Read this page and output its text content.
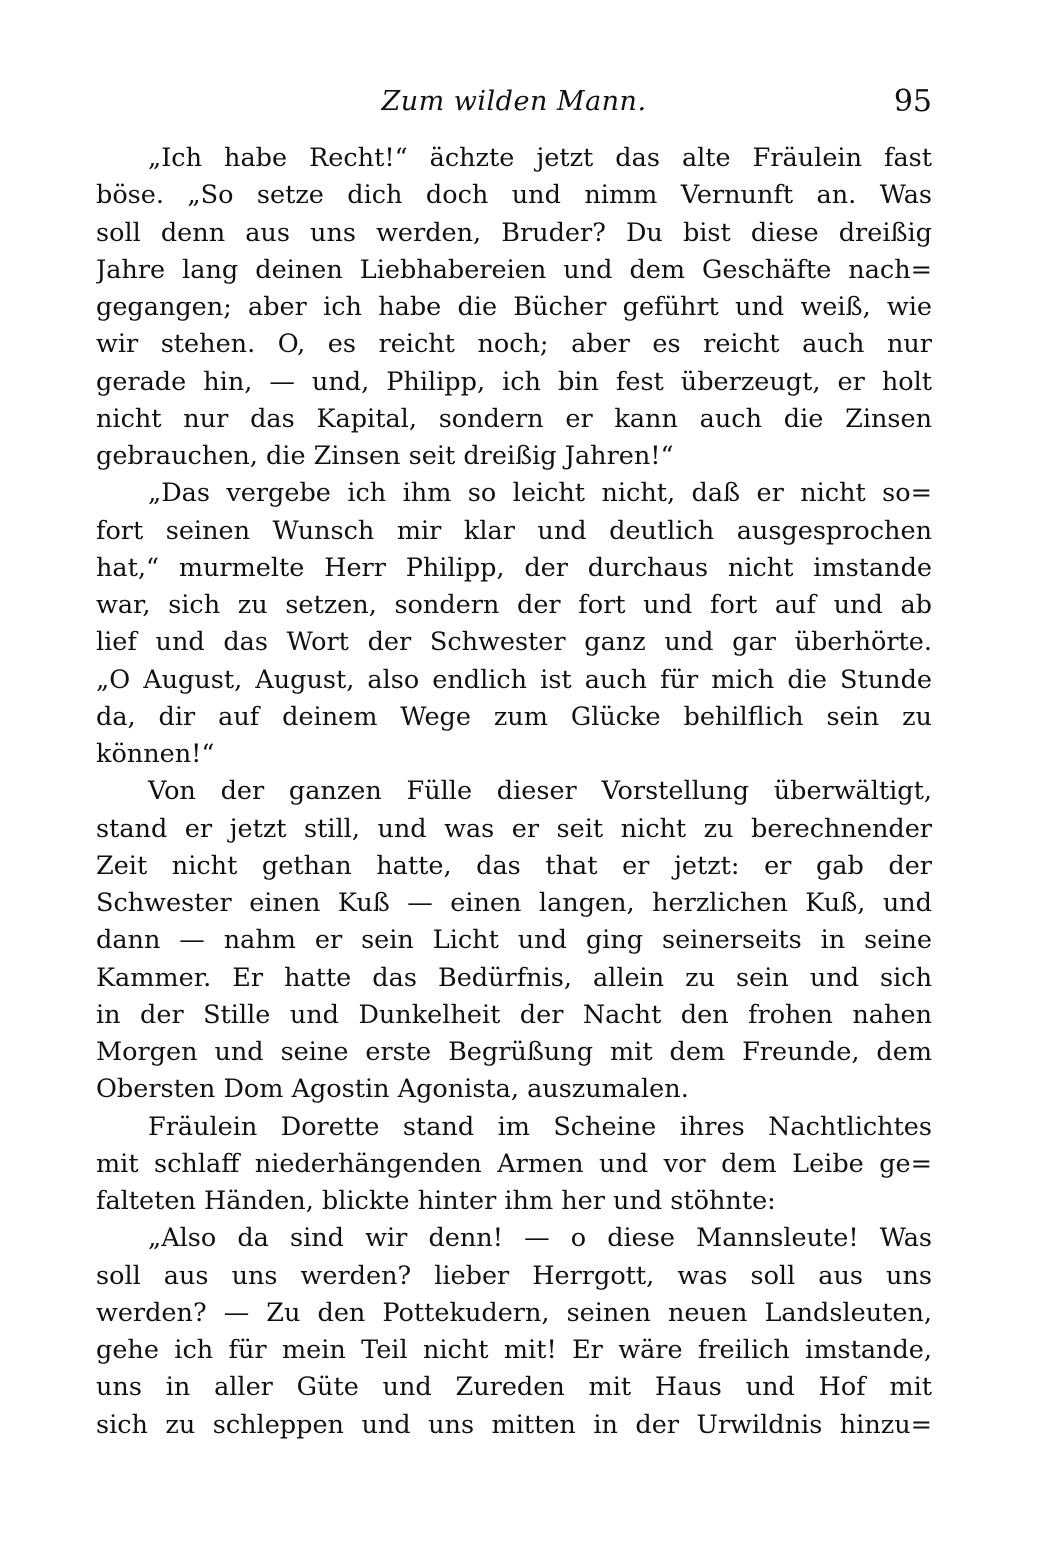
Zum wilden Mann.	95
„Ich habe Recht!“ ächzte jetzt das alte Fräulein fast
böse. „So setze dich doch und nimm Vernunft an. Was
soll denn aus uns werden, Bruder? Du bist diese dreißig
Jahre lang deinen Liebhabereien und dem Geschäfte nach=
gegangen; aber ich habe die Bücher geführt und weiß, wie
wir stehen. O, es reicht noch; aber es reicht auch nur
gerade hin, — und, Philipp, ich bin fest überzeugt, er holt
nicht nur das Kapital, sondern er kann auch die Zinsen
gebrauchen, die Zinsen seit dreißig Jahren!“
„Das vergebe ich ihm so leicht nicht, daß er nicht so=
fort seinen Wunsch mir klar und deutlich ausgesprochen
hat,“ murmelte Herr Philipp, der durchaus nicht imstande
war, sich zu setzen, sondern der fort und fort auf und ab
lief und das Wort der Schwester ganz und gar überhörte.
„O August, August, also endlich ist auch für mich die Stunde
da, dir auf deinem Wege zum Glücke behilflich sein zu
können!“
Von der ganzen Fülle dieser Vorstellung überwältigt,
stand er jetzt still, und was er seit nicht zu berechnender
Zeit nicht gethan hatte, das that er jetzt: er gab der
Schwester einen Kuß — einen langen, herzlichen Kuß, und
dann — nahm er sein Licht und ging seinerseits in seine
Kammer. Er hatte das Bedürfnis, allein zu sein und sich
in der Stille und Dunkelheit der Nacht den frohen nahen
Morgen und seine erste Begrüßung mit dem Freunde, dem
Obersten Dom Agostin Agonista, auszumalen.
Fräulein Dorette stand im Scheine ihres Nachtlichtes
mit schlaff niederhängenden Armen und vor dem Leibe ge=
falteten Händen, blickte hinter ihm her und stöhnte:
„Also da sind wir denn! — o diese Mannsleute! Was
soll aus uns werden? lieber Herrgott, was soll aus uns
werden? — Zu den Pottekudern, seinen neuen Landsleuten,
gehe ich für mein Teil nicht mit! Er wäre freilich imstande,
uns in aller Güte und Zureden mit Haus und Hof mit
sich zu schleppen und uns mitten in der Urwildnis hinzu=
